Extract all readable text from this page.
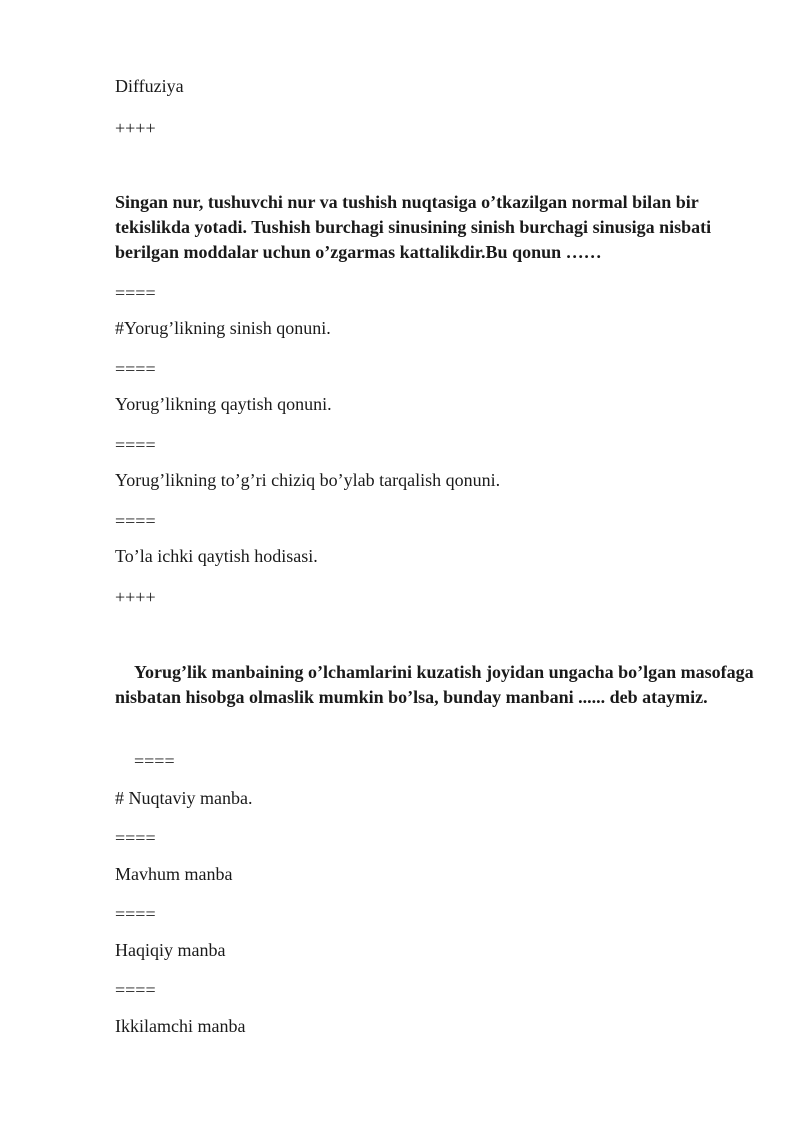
Diffuziya
++++
Singan nur, tushuvchi nur va tushish nuqtasiga o’tkazilgan normal bilan bir tekislikda yotadi. Tushish burchagi sinusining sinish burchagi sinusiga nisbati berilgan moddalar uchun o’zgarmas kattalikdir.Bu qonun ……
====
#Yorug’likning sinish qonuni.
====
Yorug’likning qaytish qonuni.
====
Yorug’likning to’g’ri chiziq bo’ylab tarqalish qonuni.
====
To’la ichki qaytish hodisasi.
++++
Yorug’lik manbaining o’lchamlarini kuzatish joyidan ungacha bo’lgan masofaga nisbatan hisobga olmaslik mumkin bo’lsa, bunday manbani ...... deb ataymiz.
====
# Nuqtaviy manba.
====
Mavhum manba
====
Haqiqiy manba
====
Ikkilamchi manba
